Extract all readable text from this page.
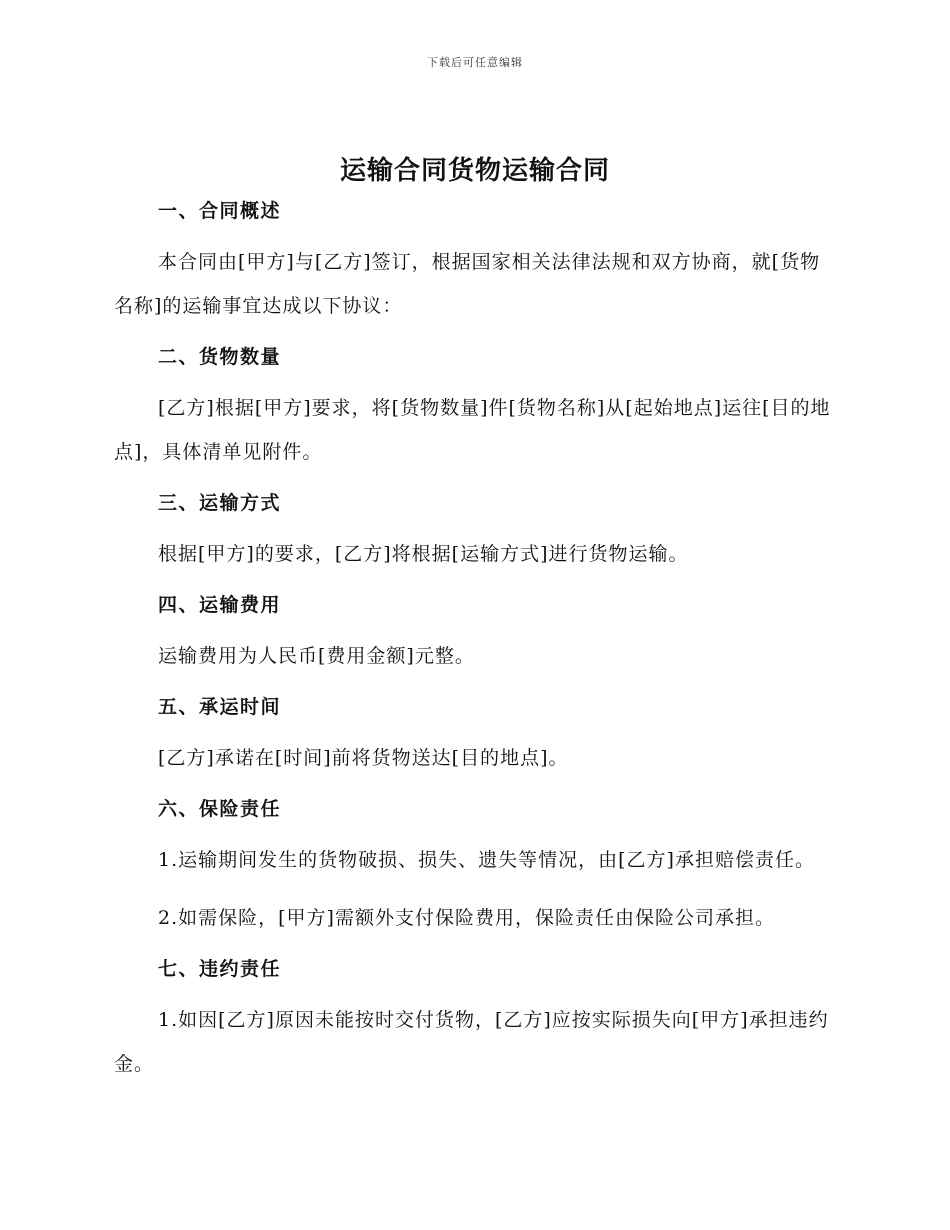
下载后可任意编辑
运输合同货物运输合同
一、合同概述

本合同由[甲方]与[乙方]签订，根据国家相关法律法规和双方协商，就[货物名称]的运输事宜达成以下协议：

二、货物数量

[乙方]根据[甲方]要求，将[货物数量]件[货物名称]从[起始地点]运往[目的地点]，具体清单见附件。

三、运输方式

根据[甲方]的要求，[乙方]将根据[运输方式]进行货物运输。

四、运输费用

运输费用为人民币[费用金额]元整。

五、承运时间

[乙方]承诺在[时间]前将货物送达[目的地点]。

六、保险责任

1.运输期间发生的货物破损、损失、遗失等情况，由[乙方]承担赔偿责任。

2.如需保险，[甲方]需额外支付保险费用，保险责任由保险公司承担。

七、违约责任

1.如因[乙方]原因未能按时交付货物，[乙方]应按实际损失向[甲方]承担违约金。
